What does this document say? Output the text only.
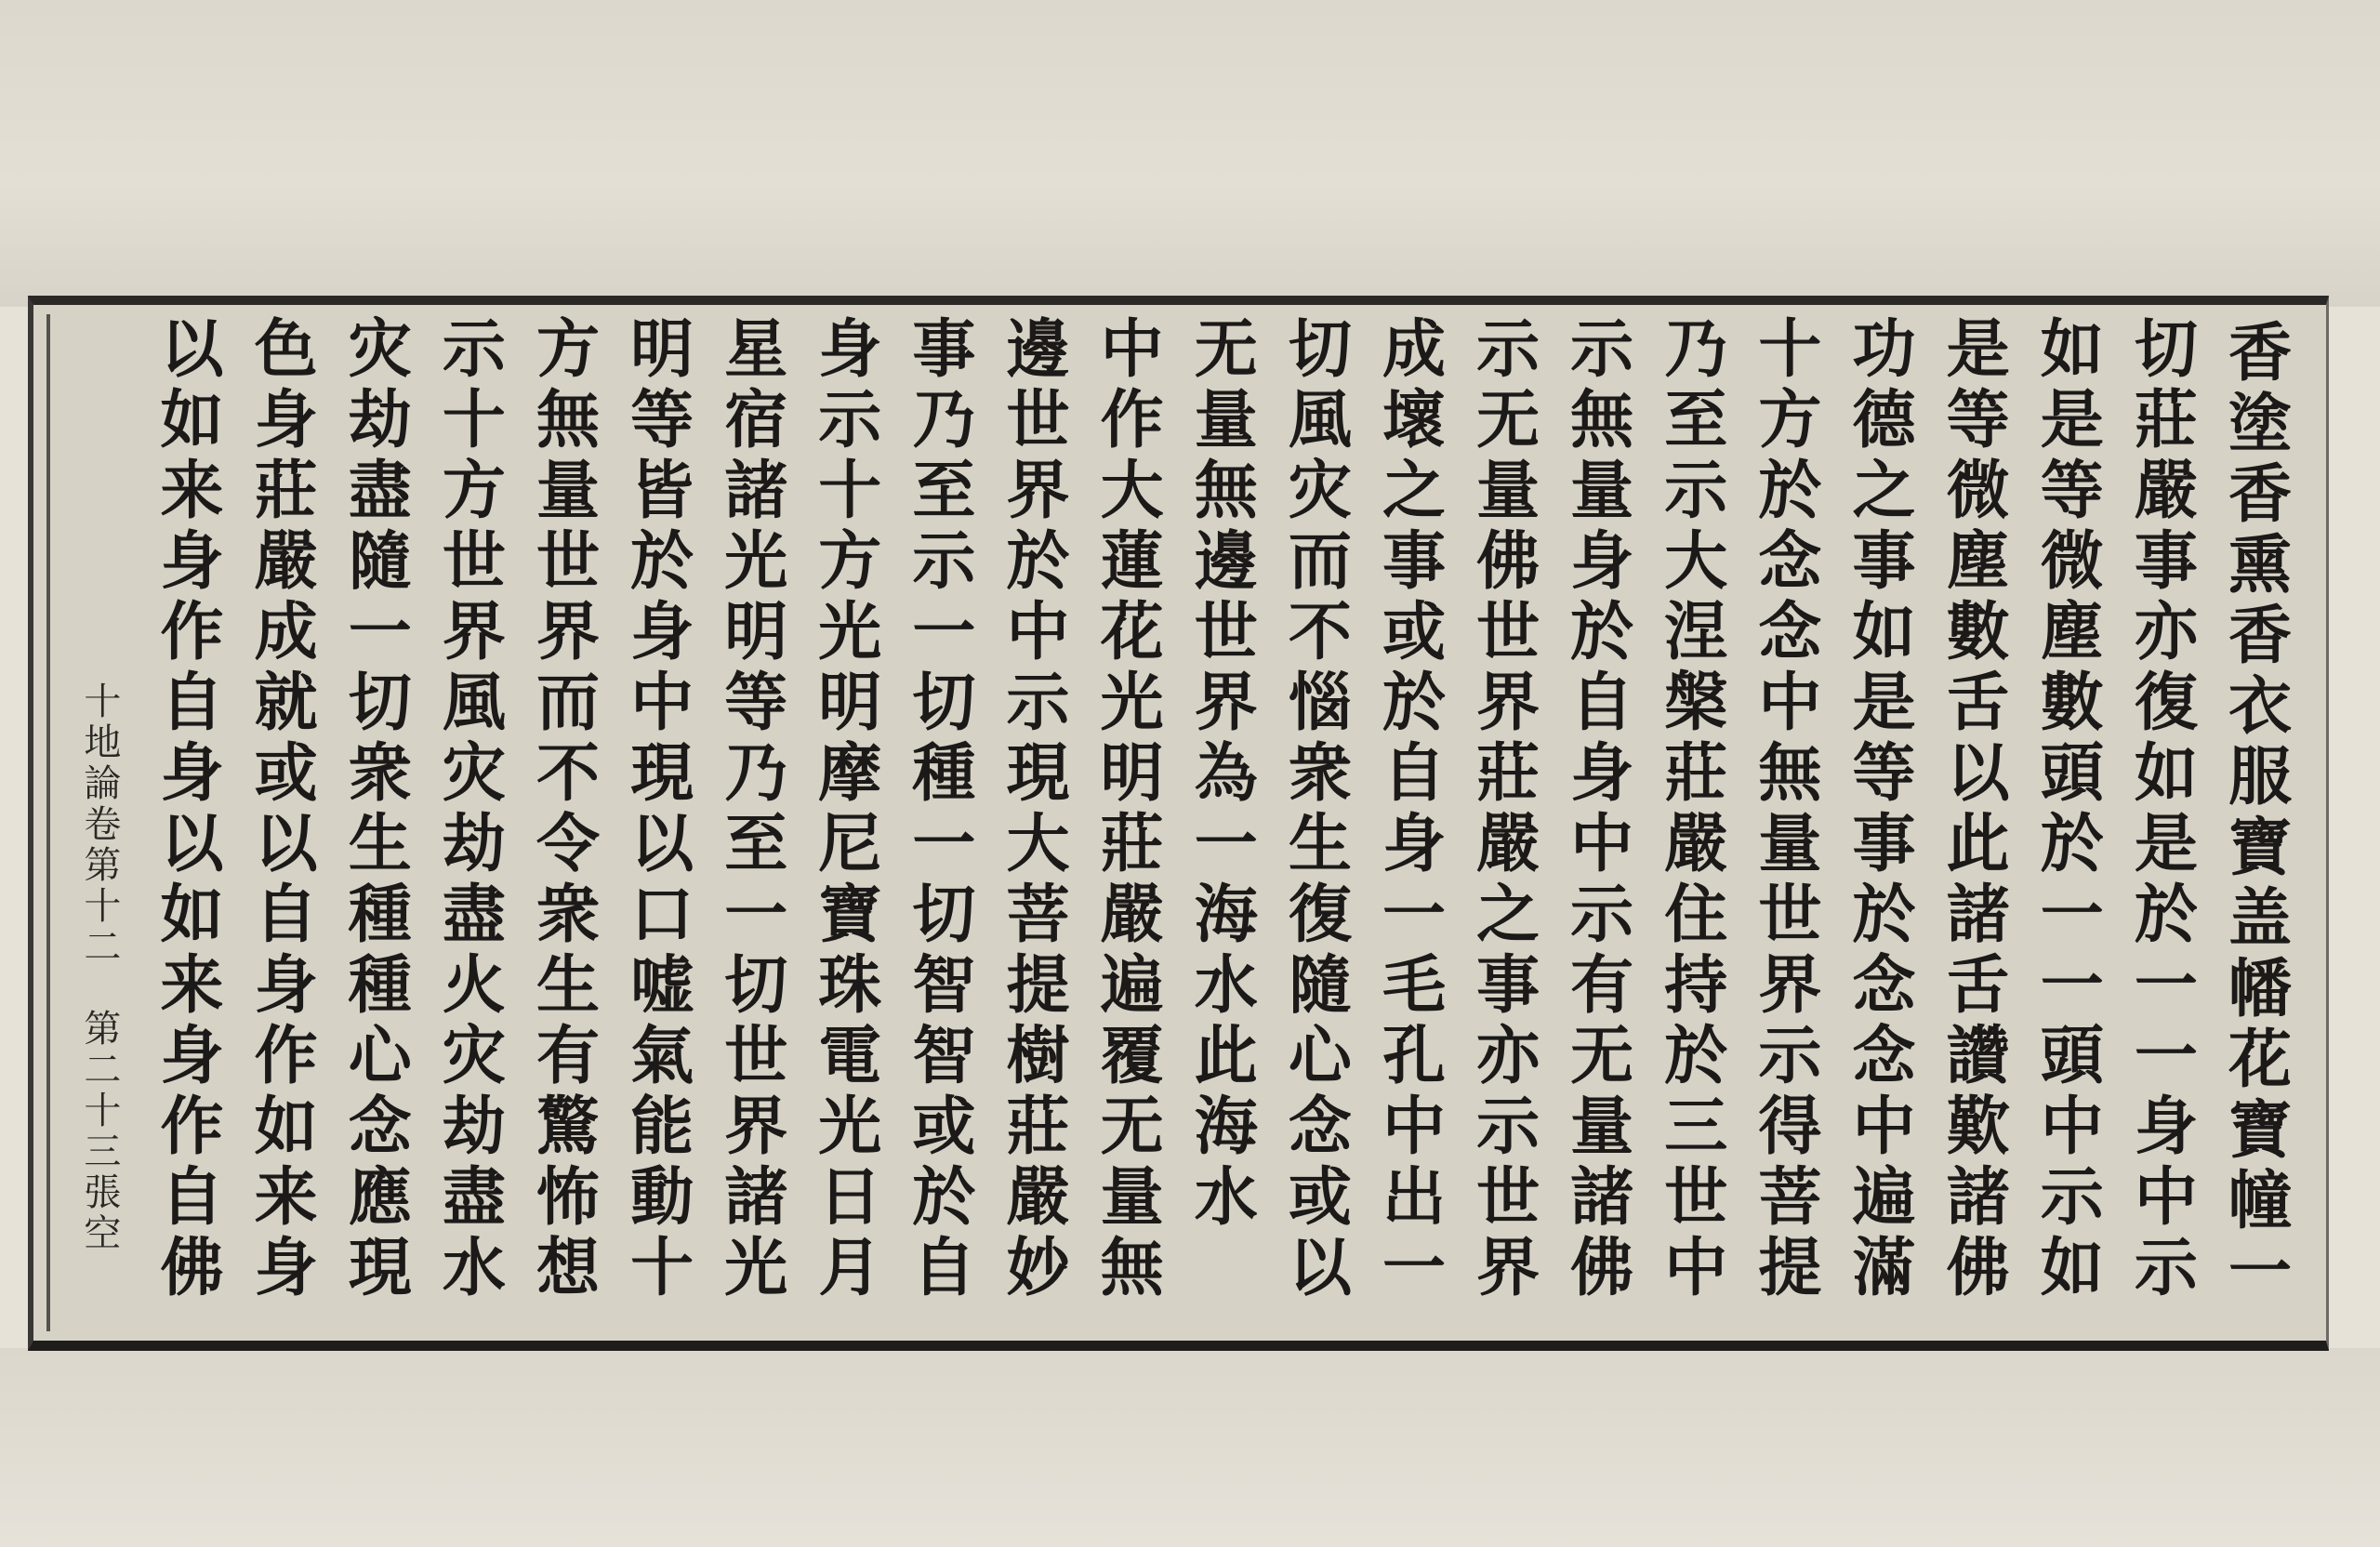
香
塗
香
熏
香
衣
服
寶
盖
幡
花
寶
幢
一
切
莊
嚴
事
亦
復
如
是
於
一
一
身
中
示
如
是
等
微
塵
數
頭
於
一
一
頭
中
示
如
是
等
微
塵
數
舌
以
此
諸
舌
讚
歎
諸
佛
功
德
之
事
如
是
等
事
於
念
念
中
遍
滿
十
方
於
念
念
中
無
量
世
界
示
得
菩
提
乃
至
示
大
涅
槃
莊
嚴
住
持
於
三
世
中
示
無
量
身
於
自
身
中
示
有
无
量
諸
佛
示
无
量
佛
世
界
莊
嚴
之
事
亦
示
世
界
成
壞
之
事
或
於
自
身
一
毛
孔
中
出
一
切
風
灾
而
不
惱
衆
生
復
隨
心
念
或
以
无
量
無
邊
世
界
為
一
海
水
此
海
水
中
作
大
蓮
花
光
明
莊
嚴
遍
覆
无
量
無
邊
世
界
於
中
示
現
大
菩
提
樹
莊
嚴
妙
事
乃
至
示
一
切
種
一
切
智
智
或
於
自
身
示
十
方
光
明
摩
尼
寶
珠
電
光
日
月
星
宿
諸
光
明
等
乃
至
一
切
世
界
諸
光
明
等
皆
於
身
中
現
以
口
嘘
氣
能
動
十
方
無
量
世
界
而
不
令
衆
生
有
驚
怖
想
示
十
方
世
界
風
灾
劫
盡
火
灾
劫
盡
水
灾
劫
盡
隨
一
切
衆
生
種
種
心
念
應
現
色
身
莊
嚴
成
就
或
以
自
身
作
如
来
身
以
如
来
身
作
自
身
以
如
来
身
作
自
佛
十
地
論
卷
第
十
二

第
二
十
三
張
空
